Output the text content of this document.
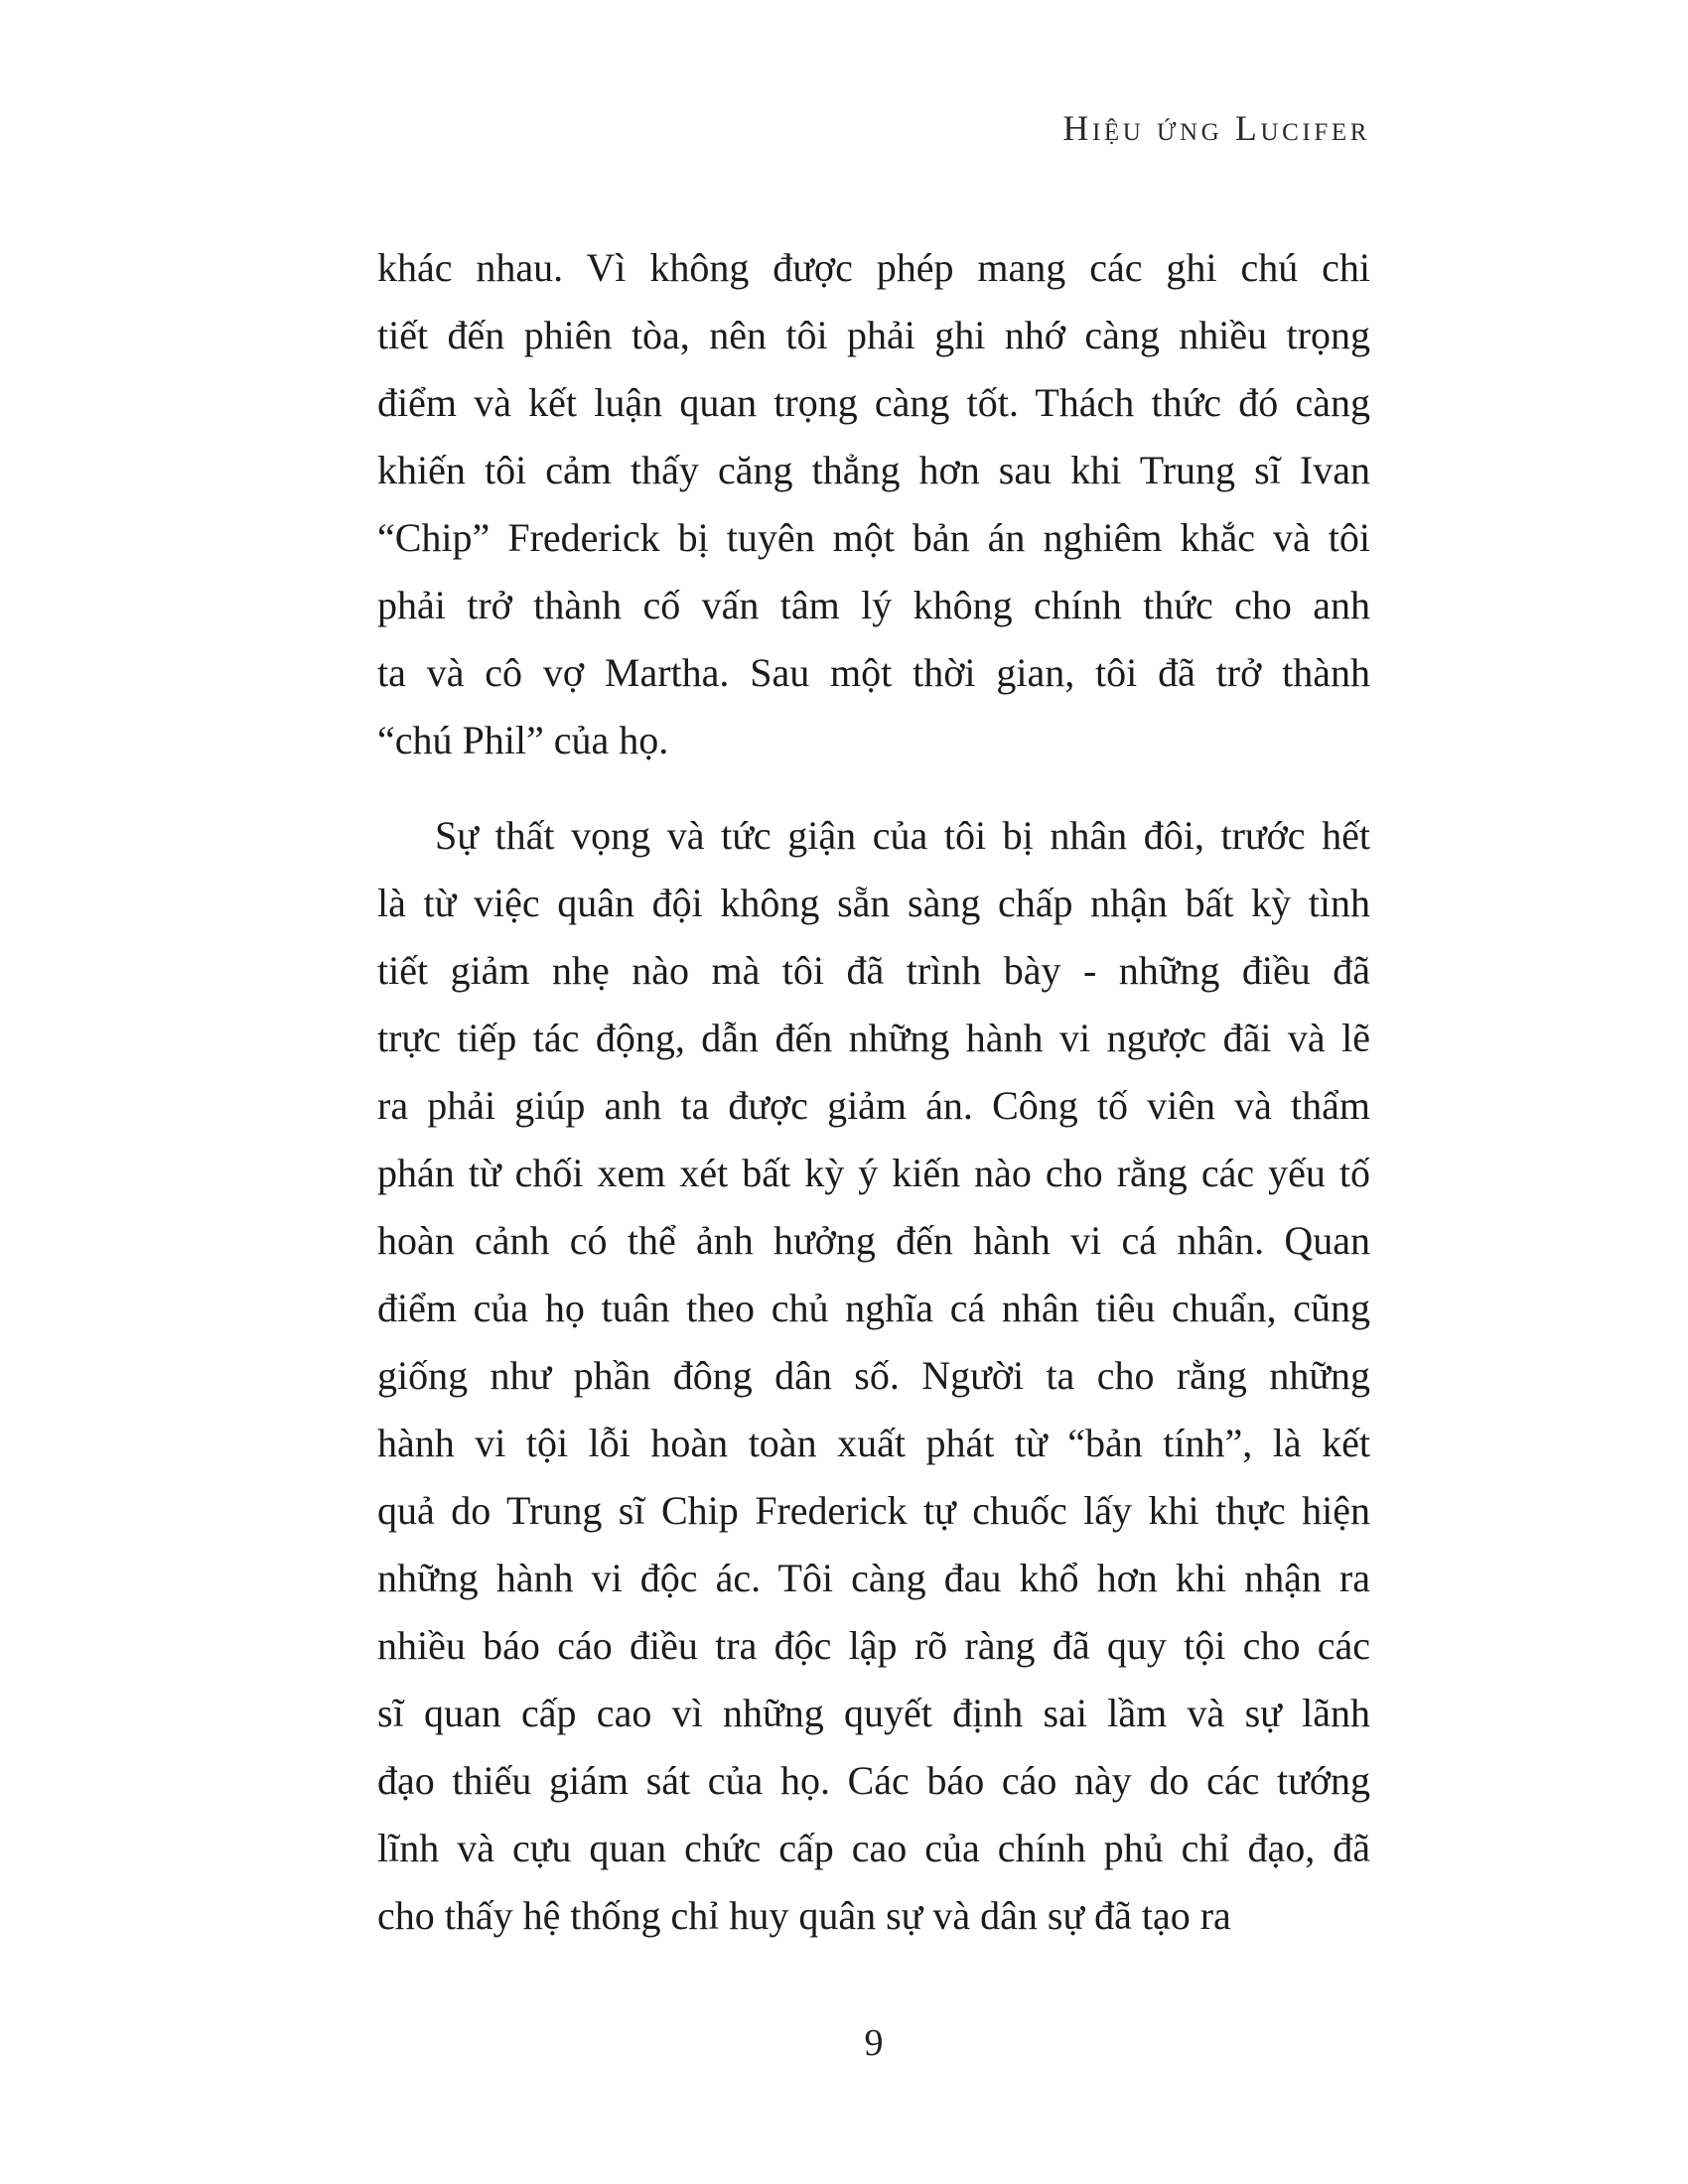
Hiệu ứng Lucifer
khác nhau. Vì không được phép mang các ghi chú chi
tiết đến phiên tòa, nên tôi phải ghi nhớ càng nhiều trọng
điểm và kết luận quan trọng càng tốt. Thách thức đó càng
khiến tôi cảm thấy căng thẳng hơn sau khi Trung sĩ Ivan
“Chip” Frederick bị tuyên một bản án nghiêm khắc và tôi
phải trở thành cố vấn tâm lý không chính thức cho anh
ta và cô vợ Martha. Sau một thời gian, tôi đã trở thành
“chú Phil” của họ.
Sự thất vọng và tức giận của tôi bị nhân đôi, trước hết
là từ việc quân đội không sẵn sàng chấp nhận bất kỳ tình
tiết giảm nhẹ nào mà tôi đã trình bày - những điều đã
trực tiếp tác động, dẫn đến những hành vi ngược đãi và lẽ
ra phải giúp anh ta được giảm án. Công tố viên và thẩm
phán từ chối xem xét bất kỳ ý kiến nào cho rằng các yếu tố
hoàn cảnh có thể ảnh hưởng đến hành vi cá nhân. Quan
điểm của họ tuân theo chủ nghĩa cá nhân tiêu chuẩn, cũng
giống như phần đông dân số. Người ta cho rằng những
hành vi tội lỗi hoàn toàn xuất phát từ “bản tính”, là kết
quả do Trung sĩ Chip Frederick tự chuốc lấy khi thực hiện
những hành vi độc ác. Tôi càng đau khổ hơn khi nhận ra
nhiều báo cáo điều tra độc lập rõ ràng đã quy tội cho các
sĩ quan cấp cao vì những quyết định sai lầm và sự lãnh
đạo thiếu giám sát của họ. Các báo cáo này do các tướng
lĩnh và cựu quan chức cấp cao của chính phủ chỉ đạo, đã
cho thấy hệ thống chỉ huy quân sự và dân sự đã tạo ra
9
